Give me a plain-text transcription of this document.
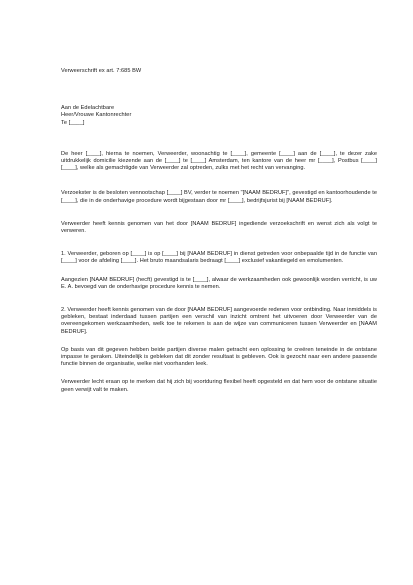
Verweerschrift ex art. 7:685 BW

Aan de Edelachtbare

Heer/Vrouwe Kantonrechter

Te [____]

De heer [____], hierna te noemen, Verweerder, woonachtig te [____], gemeente [____] aan de [____], te dezer zake uitdrukkelijk domicilie kiezende aan de [____] te [____] Amsterdam, ten kantore van de heer mr [____], Postbus [____] [____], welke als gemachtigde van Verweerder zal optreden, zulks met het recht van vervanging.

Verzoekster is de besloten vennootschap [____] BV, verder te noemen "[NAAM BEDRUF]", gevestigd en kantoorhoudende te [____], die in de onderhavige procedure wordt bijgestaan door mr [____], bedrijfsjurist bij [NAAM BEDRUF].

Verweerder heeft kennis genomen van het door [NAAM BEDRUF] ingediende verzoekschrift en wenst zich als volgt te verweren.

1. Verweerder, geboren op [____] is op [____] bij [NAAM BEDRUF] in dienst getreden voor onbepaalde tijd in de functie van [____] voor de afdeling [____]. Het bruto maandsalaris bedraagt [____] exclusief vakantiegeld en emolumenten.

Aangezien [NAAM BEDRUF] (hecft) gevestigd is te [____], alwaar de werkzaamheden ook gewoonlijk worden verricht, is uw E. A. bevoegd van de onderhavige procedure kennis te nemen.

2. Verweerder heeft kennis genomen van de door [NAAM BEDRUF] aangevoerde redenen voor ontbinding. Naar inmiddels is gebleken, bestaat inderdaad tussen partijen een verschil van inzicht omtrent het uitvoeren door Verweerder van de overeengekomen werkzaamheden, welk toe te rekenen is aan de wijze van communiceren tussen Verweerder en [NAAM BEDRUF].

Op basis van dit gegeven hebben beide partijen diverse malen getracht een oplossing te creëren teneinde in de ontstane impasse te geraken. Uiteindelijk is gebleken dat dit zonder resultaat is gebleven. Ook is gezocht naar een andere passende functie binnen de organisatie, welke niet voorhanden leek.

Verweerder lecht eraan op te merken dat hij zich bij voortduring flexibel heeft opgesteld en dat hem voor de ontstane situatie geen verwijt valt te maken.
